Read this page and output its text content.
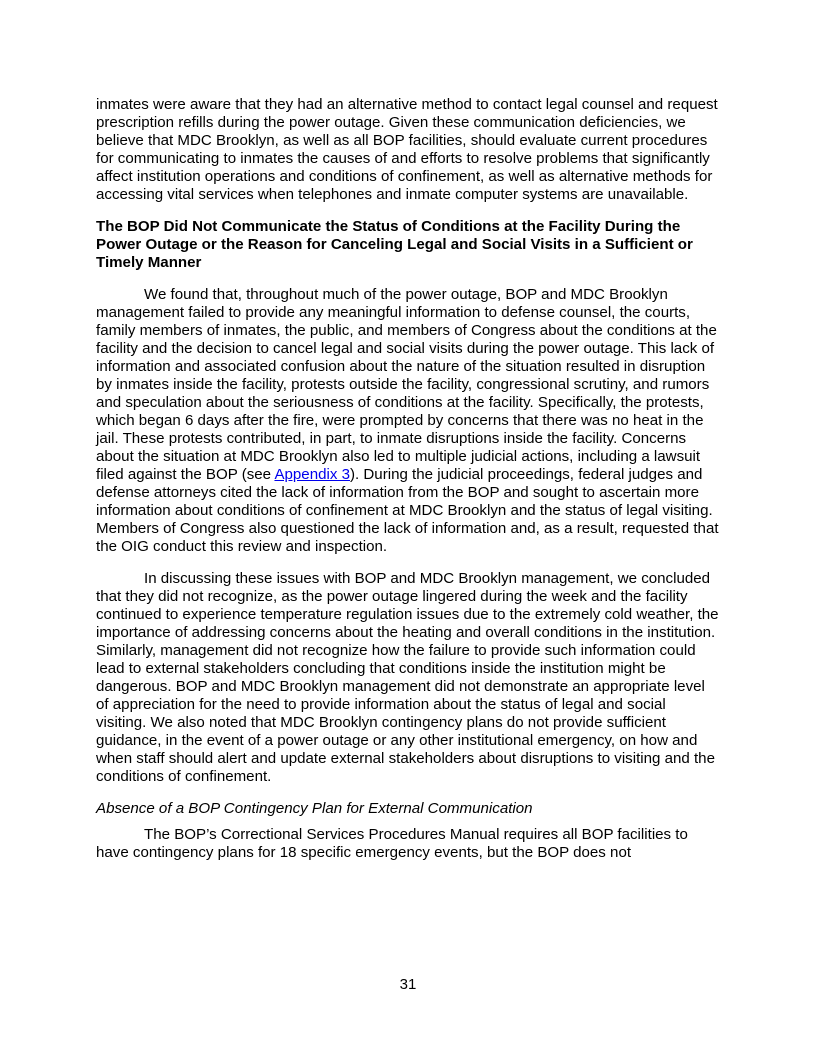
inmates were aware that they had an alternative method to contact legal counsel and request prescription refills during the power outage. Given these communication deficiencies, we believe that MDC Brooklyn, as well as all BOP facilities, should evaluate current procedures for communicating to inmates the causes of and efforts to resolve problems that significantly affect institution operations and conditions of confinement, as well as alternative methods for accessing vital services when telephones and inmate computer systems are unavailable.

The BOP Did Not Communicate the Status of Conditions at the Facility During the Power Outage or the Reason for Canceling Legal and Social Visits in a Sufficient or Timely Manner

We found that, throughout much of the power outage, BOP and MDC Brooklyn management failed to provide any meaningful information to defense counsel, the courts, family members of inmates, the public, and members of Congress about the conditions at the facility and the decision to cancel legal and social visits during the power outage. This lack of information and associated confusion about the nature of the situation resulted in disruption by inmates inside the facility, protests outside the facility, congressional scrutiny, and rumors and speculation about the seriousness of conditions at the facility. Specifically, the protests, which began 6 days after the fire, were prompted by concerns that there was no heat in the jail. These protests contributed, in part, to inmate disruptions inside the facility. Concerns about the situation at MDC Brooklyn also led to multiple judicial actions, including a lawsuit filed against the BOP (see Appendix 3). During the judicial proceedings, federal judges and defense attorneys cited the lack of information from the BOP and sought to ascertain more information about conditions of confinement at MDC Brooklyn and the status of legal visiting. Members of Congress also questioned the lack of information and, as a result, requested that the OIG conduct this review and inspection.

In discussing these issues with BOP and MDC Brooklyn management, we concluded that they did not recognize, as the power outage lingered during the week and the facility continued to experience temperature regulation issues due to the extremely cold weather, the importance of addressing concerns about the heating and overall conditions in the institution. Similarly, management did not recognize how the failure to provide such information could lead to external stakeholders concluding that conditions inside the institution might be dangerous. BOP and MDC Brooklyn management did not demonstrate an appropriate level of appreciation for the need to provide information about the status of legal and social visiting. We also noted that MDC Brooklyn contingency plans do not provide sufficient guidance, in the event of a power outage or any other institutional emergency, on how and when staff should alert and update external stakeholders about disruptions to visiting and the conditions of confinement.

Absence of a BOP Contingency Plan for External Communication

The BOP’s Correctional Services Procedures Manual requires all BOP facilities to have contingency plans for 18 specific emergency events, but the BOP does not

31
